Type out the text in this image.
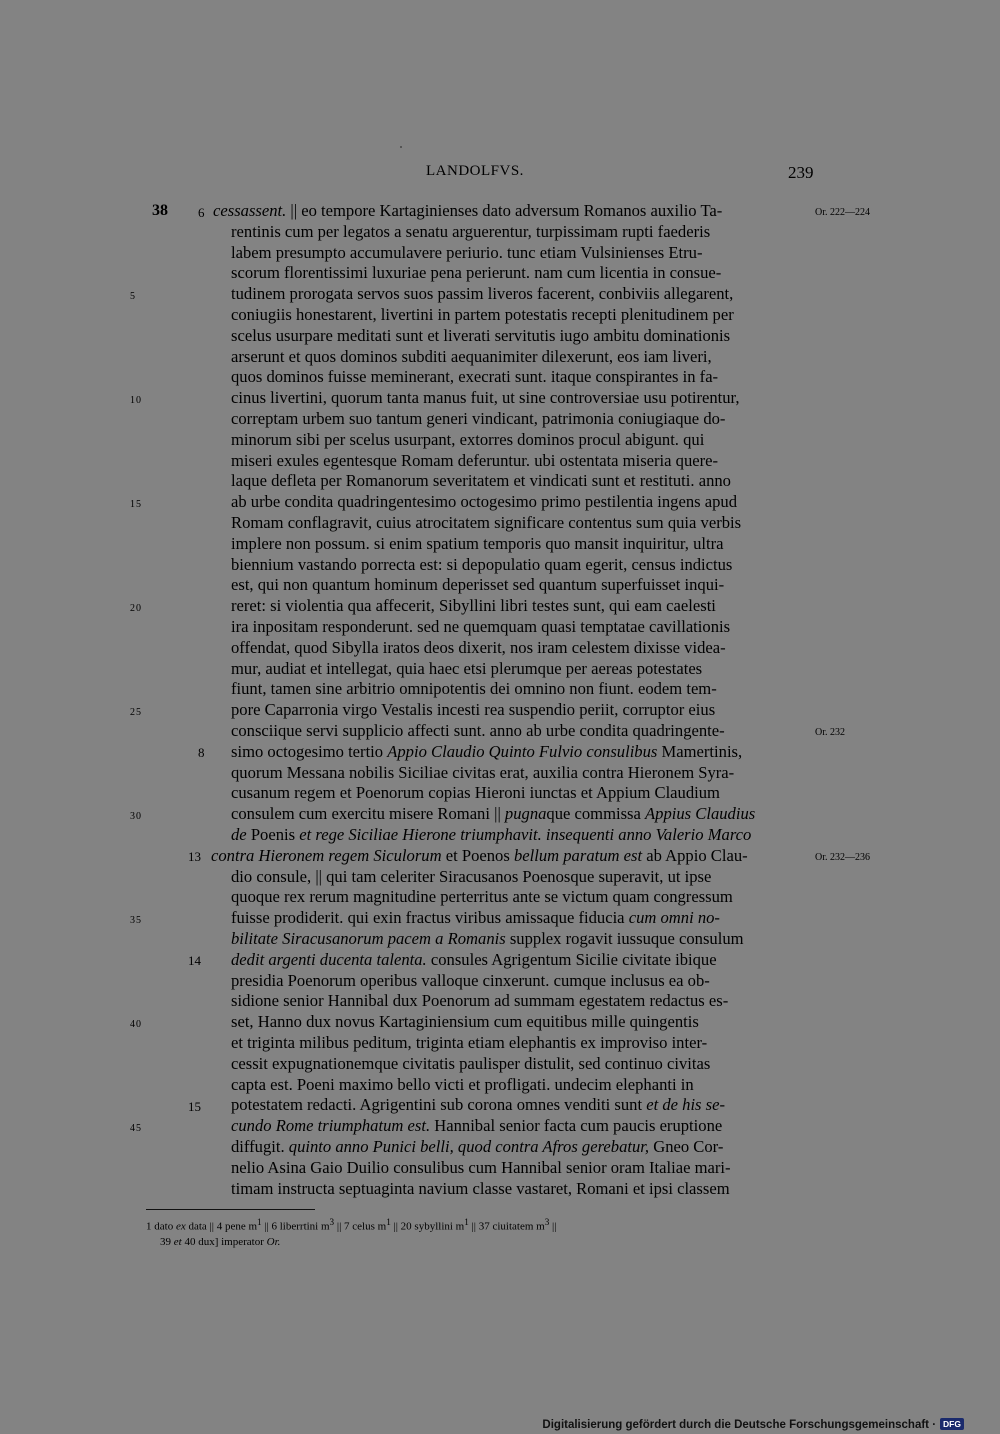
LANDOLFVS.	239
38	cessassent. || eo tempore Kartaginienses dato adversum Romanos auxilio Ta-
rentinis cum per legatos a senatu arguerentur, turpissimam rupti faederis
labem presumpto accumulavere periurio. tunc etiam Vulsinienses Etru-
scorum florentissimi luxuriae pena perierunt. nam cum licentia in consue-
tudinem prorogata servos suos passim liveros facerent, conbiviis allegarent,
coniugiis honestarent, livertini in partem potestatis recepti plenitudinem per
scelus usurpare meditati sunt et liverati servitutis iugo ambitu dominationis
arserunt et quos dominos subditi aequanimiter dilexerunt, eos iam liveri,
quos dominos fuisse meminerant, execrati sunt. itaque conspirantes in fa-
cinus livertini, quorum tanta manus fuit, ut sine controversiae usu potirentur,
correptam urbem suo tantum generi vindicant, patrimonia coniugiaque do-
minorum sibi per scelus usurpant, extorres dominos procul abigunt. qui
miseri exules egentesque Romam deferuntur. ubi ostentata miseria quere-
laque defleta per Romanorum severitatem et vindicati sunt et restituti. anno
ab urbe condita quadringentesimo octogesimo primo pestilentia ingens apud
Romam conflagravit, cuius atrocitatem significare contentus sum quia verbis
implere non possum. si enim spatium temporis quo mansit inquiritur, ultra
biennium vastando porrecta est: si depopulatio quam egerit, census indictus
est, qui non quantum hominum deperisset sed quantum superfuisset inqui-
reret: si violentia qua affecerit, Sibyllini libri testes sunt, qui eam caelesti
ira inpositam responderunt. sed ne quemquam quasi temptatae cavillationis
offendat, quod Sibylla iratos deos dixerit, nos iram celestem dixisse videa-
mur, audiat et intellegat, quia haec etsi plerumque per aereas potestates
fiunt, tamen sine arbitrio omnipotentis dei omnino non fiunt. eodem tem-
pore Caparronia virgo Vestalis incesti rea suspendio periit, corruptor eius
consciique servi supplicio affecti sunt. anno ab urbe condita quadringente-
simo octogesimo tertio Appio Claudio Quinto Fulvio consulibus Mamertinis,
quorum Messana nobilis Siciliae civitas erat, auxilia contra Hieronem Syra-
cusanum regem et Poenorum copias Hieroni iunctas et Appium Claudium
consulem cum exercitu misere Romani || pugnaque commissa Appius Claudius
de Poenis et rege Siciliae Hierone triumphavit. insequenti anno Valerio Marco
contra Hieronem regem Siculorum et Poenos bellum paratum est ab Appio Clau-
dio consule, || qui tam celeriter Siracusanos Poenosque superavit, ut ipse
quoque rex rerum magnitudine perterritus ante se victum quam congressum
fuisse prodiderit. qui exin fractus viribus amissaque fiducia cum omni no-
bilitate Siracusanorum pacem a Romanis supplex rogavit iussuque consulum
dedit argenti ducenta talenta. consules Agrigentum Sicilie civitate ibique
presidia Poenorum operibus valloque cinxerunt. cumque inclusus ea ob-
sidione senior Hannibal dux Poenorum ad summam egestatem redactus es-
set, Hanno dux novus Kartaginiensium cum equitibus mille quingentis
et triginta milibus peditum, triginta etiam elephantis ex improviso inter-
cessit expugnationemque civitatis paulisper distulit, sed continuo civitas
capta est. Poeni maximo bello victi et profligati. undecim elephanti in
potestatem redacti. Agrigentini sub corona omnes venditi sunt et de his se-
cundo Rome triumphatum est. Hannibal senior facta cum paucis eruptione
diffugit. quinto anno Punici belli, quod contra Afros gerebatur, Gneo Cor-
nelio Asina Gaio Duilio consulibus cum Hannibal senior oram Italiae mari-
timam instructa septuaginta navium classe vastaret, Romani et ipsi classem
5
10
15
20
25
30
35
40
45
6
8
13
14
15
Or. 222—224
Or. 232
Or. 232—236
1 dato ex data || 4 pene $m^1$ || 6 liberrtini $m^3$ || 7 celus $m^1$ || 20 sybyllini $m^1$ || 37 ciuitatem $m^3$ ||
39 et 40 dux] imperator Or.
Digitalisierung gefördert durch die Deutsche Forschungsgemeinschaft · DFG
